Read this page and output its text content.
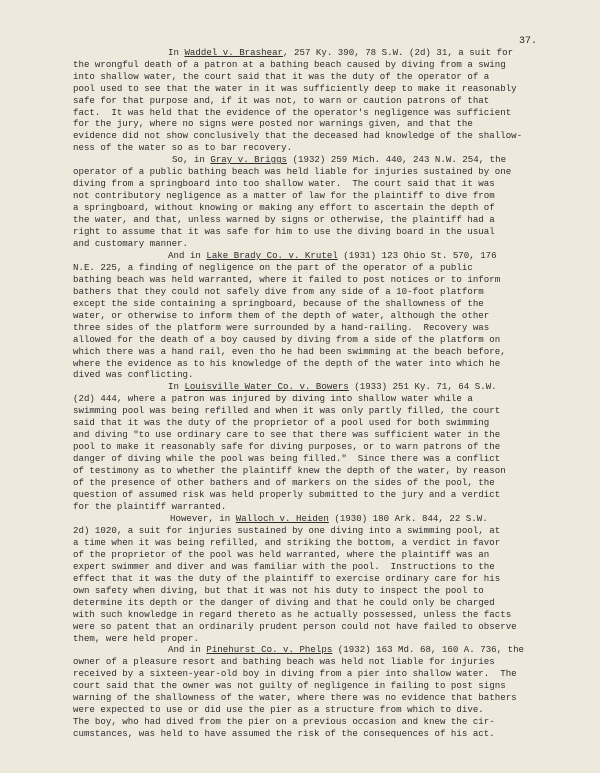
37.
In Waddel v. Brashear, 257 Ky. 390, 78 S.W. (2d) 31, a suit for
the wrongful death of a patron at a bathing beach caused by diving from a swing
into shallow water, the court said that it was the duty of the operator of a
pool used to see that the water in it was sufficiently deep to make it reasonably
safe for that purpose and, if it was not, to warn or caution patrons of that
fact.  It was held that the evidence of the operator's negligence was sufficient
for the jury, where no signs were posted nor warnings given, and that the
evidence did not show conclusively that the deceased had knowledge of the shallow-
ness of the water so as to bar recovery.
So, in Gray v. Briggs (1932) 259 Mich. 440, 243 N.W. 254, the
operator of a public bathing beach was held liable for injuries sustained by one
diving from a springboard into too shallow water.  The court said that it was
not contributory negligence as a matter of law for the plaintiff to dive from
a springboard, without knowing or making any effort to ascertain the depth of
the water, and that, unless warned by signs or otherwise, the plaintiff had a
right to assume that it was safe for him to use the diving board in the usual
and customary manner.
And in Lake Brady Co. v. Krutel (1931) 123 Ohio St. 570, 176
N.E. 225, a finding of negligence on the part of the operator of a public
bathing beach was held warranted, where it failed to post notices or to inform
bathers that they could not safely dive from any side of a 10-foot platform
except the side containing a springboard, because of the shallowness of the
water, or otherwise to inform them of the depth of water, although the other
three sides of the platform were surrounded by a hand-railing.  Recovery was
allowed for the death of a boy caused by diving from a side of the platform on
which there was a hand rail, even tho he had been swimming at the beach before,
where the evidence as to his knowledge of the depth of the water into which he
dived was conflicting.
In Louisville Water Co. v. Bowers (1933) 251 Ky. 71, 64 S.W.
(2d) 444, where a patron was injured by diving into shallow water while a
swimming pool was being refilled and when it was only partly filled, the court
said that it was the duty of the proprietor of a pool used for both swimming
and diving "to use ordinary care to see that there was sufficient water in the
pool to make it reasonably safe for diving purposes, or to warn patrons of the
danger of diving while the pool was being filled."  Since there was a conflict
of testimony as to whether the plaintiff knew the depth of the water, by reason
of the presence of other bathers and of markers on the sides of the pool, the
question of assumed risk was held properly submitted to the jury and a verdict
for the plaintiff warranted.
However, in Walloch v. Heiden (1930) 180 Ark. 844, 22 S.W.
2d) 1020, a suit for injuries sustained by one diving into a swimming pool, at
a time when it was being refilled, and striking the bottom, a verdict in favor
of the proprietor of the pool was held warranted, where the plaintiff was an
expert swimmer and diver and was familiar with the pool.  Instructions to the
effect that it was the duty of the plaintiff to exercise ordinary care for his
own safety when diving, but that it was not his duty to inspect the pool to
determine its depth or the danger of diving and that he could only be charged
with such knowledge in regard thereto as he actually possessed, unless the facts
were so patent that an ordinarily prudent person could not have failed to observe
them, were held proper.
And in Pinehurst Co. v. Phelps (1932) 163 Md. 68, 160 A. 736, the
owner of a pleasure resort and bathing beach was held not liable for injuries
received by a sixteen-year-old boy in diving from a pier into shallow water.  The
court said that the owner was not guilty of negligence in failing to post signs
warning of the shallowness of the water, where there was no evidence that bathers
were expected to use or did use the pier as a structure from which to dive.
The boy, who had dived from the pier on a previous occasion and knew the cir-
cumstances, was held to have assumed the risk of the consequences of his act.
